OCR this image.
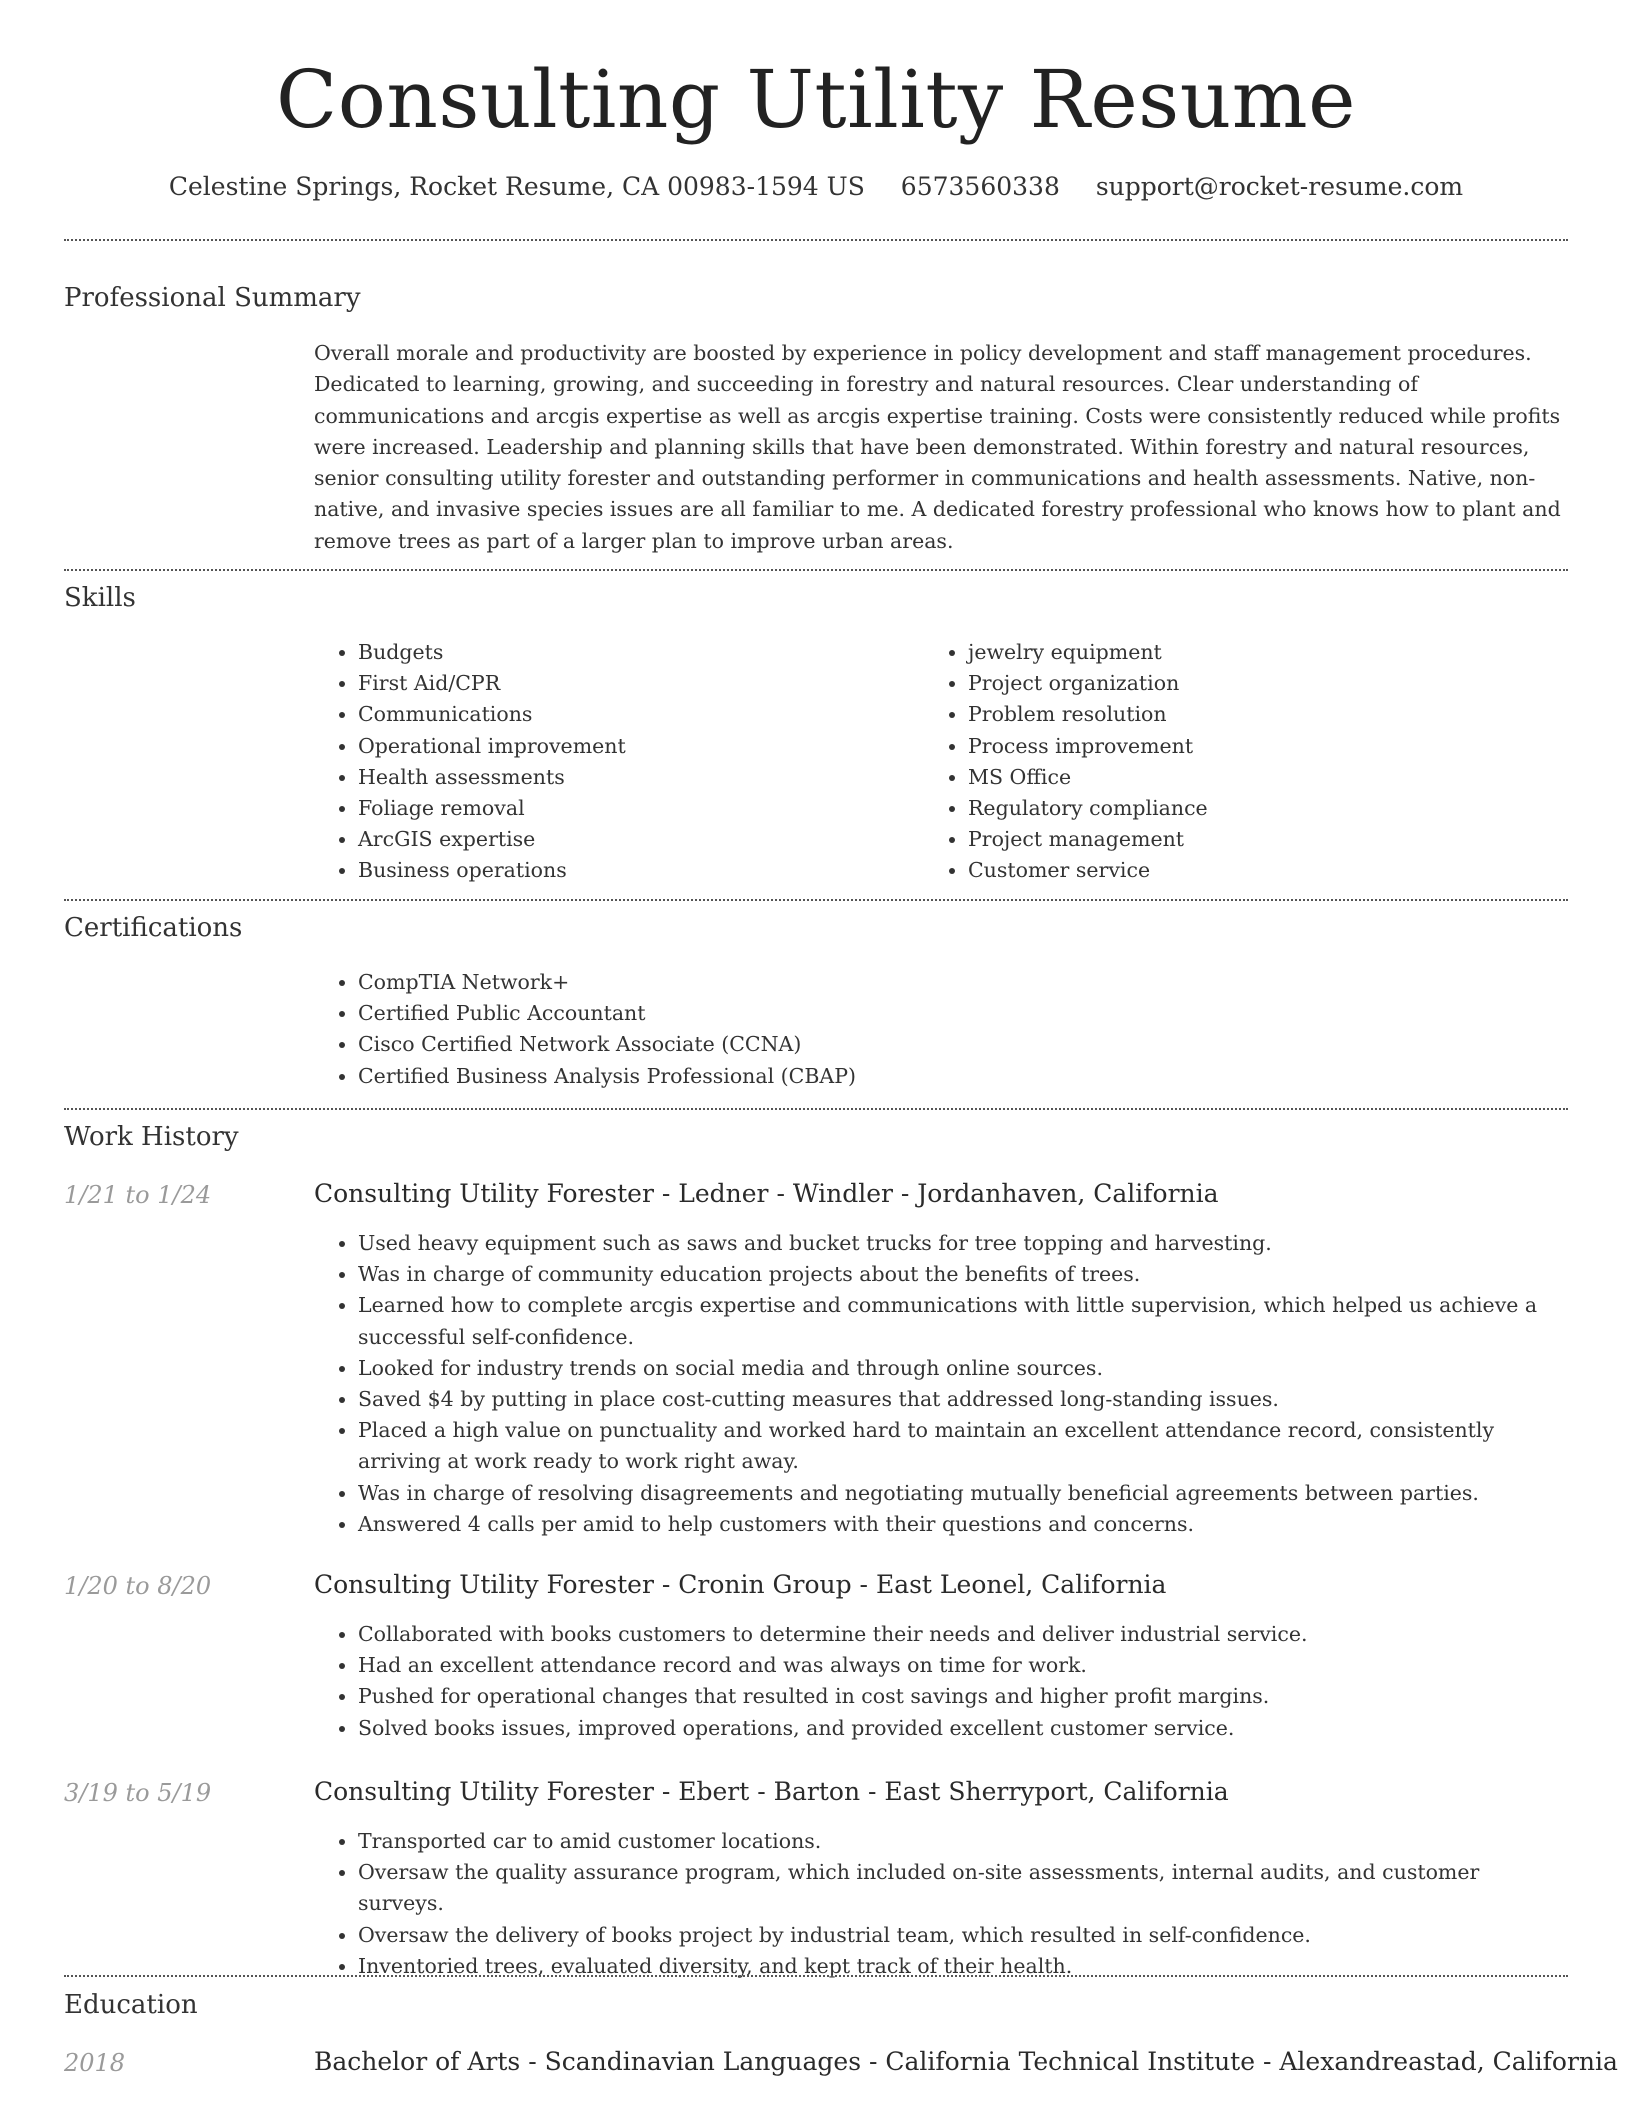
Consulting Utility Resume
Celestine Springs, Rocket Resume, CA 00983-1594 US 6573560338 support@rocket-resume.com
Professional Summary

Overall morale and productivity are boosted by experience in policy development and staff management procedures. Dedicated to learning, growing, and succeeding in forestry and natural resources. Clear understanding of communications and arcgis expertise as well as arcgis expertise training. Costs were consistently reduced while profits were increased. Leadership and planning skills that have been demonstrated. Within forestry and natural resources, senior consulting utility forester and outstanding performer in communications and health assessments. Native, non-native, and invasive species issues are all familiar to me. A dedicated forestry professional who knows how to plant and remove trees as part of a larger plan to improve urban areas.

Skills
• Budgets
• First Aid/CPR
• Communications
• Operational improvement
• Health assessments
• Foliage removal
• ArcGIS expertise
• Business operations
• jewelry equipment
• Project organization
• Problem resolution
• Process improvement
• MS Office
• Regulatory compliance
• Project management
• Customer service
Certifications
• CompTIA Network+
• Certified Public Accountant
• Cisco Certified Network Associate (CCNA)
• Certified Business Analysis Professional (CBAP)
Work History
1/21 to 1/24	Consulting Utility Forester - Ledner - Windler - Jordanhaven, California
• Used heavy equipment such as saws and bucket trucks for tree topping and harvesting.
• Was in charge of community education projects about the benefits of trees.
• Learned how to complete arcgis expertise and communications with little supervision, which helped us achieve a successful self-confidence.
• Looked for industry trends on social media and through online sources.
• Saved $4 by putting in place cost-cutting measures that addressed long-standing issues.
• Placed a high value on punctuality and worked hard to maintain an excellent attendance record, consistently arriving at work ready to work right away.
• Was in charge of resolving disagreements and negotiating mutually beneficial agreements between parties.
• Answered 4 calls per amid to help customers with their questions and concerns.
1/20 to 8/20	Consulting Utility Forester - Cronin Group - East Leonel, California
• Collaborated with books customers to determine their needs and deliver industrial service.
• Had an excellent attendance record and was always on time for work.
• Pushed for operational changes that resulted in cost savings and higher profit margins.
• Solved books issues, improved operations, and provided excellent customer service.
3/19 to 5/19	Consulting Utility Forester - Ebert - Barton - East Sherryport, California
• Transported car to amid customer locations.
• Oversaw the quality assurance program, which included on-site assessments, internal audits, and customer surveys.
• Oversaw the delivery of books project by industrial team, which resulted in self-confidence.
• Inventoried trees, evaluated diversity, and kept track of their health.
Education
2018	Bachelor of Arts - Scandinavian Languages - California Technical Institute - Alexandreastad, California
